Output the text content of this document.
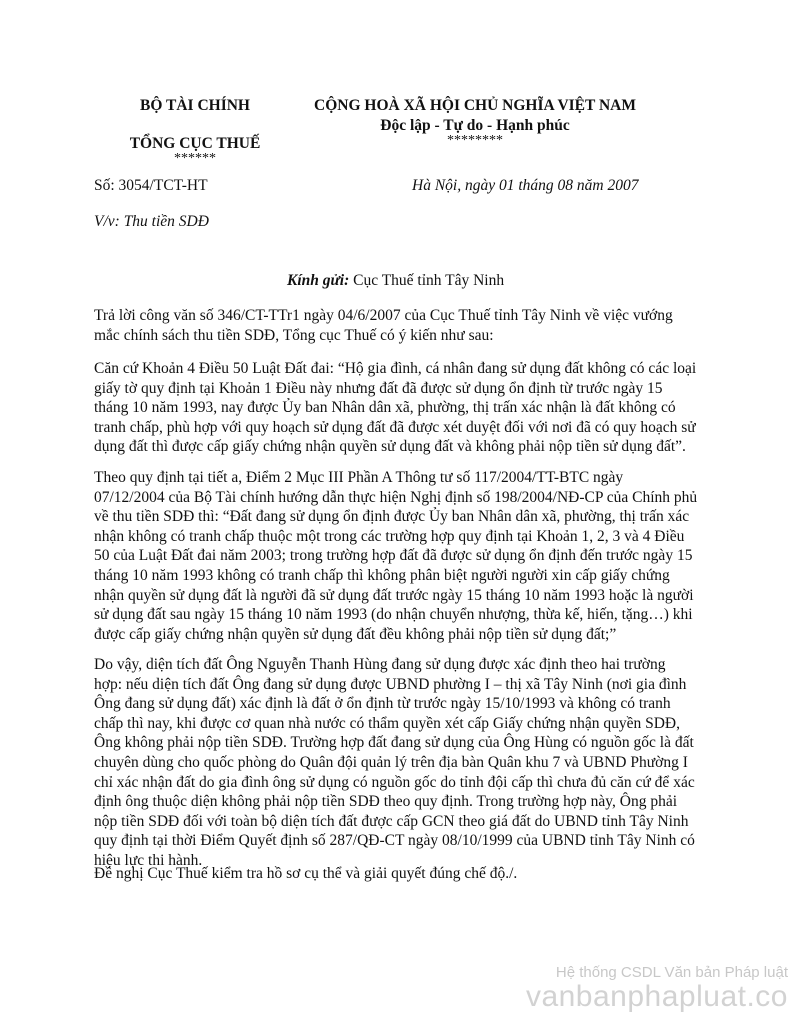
BỘ TÀI CHÍNH
TỔNG CỤC THUẾ
******
CỘNG HOÀ XÃ HỘI CHỦ NGHĨA VIỆT NAM
Độc lập - Tự do - Hạnh phúc
********
Số: 3054/TCT-HT	Hà Nội, ngày 01 tháng 08 năm 2007
V/v: Thu tiền SDĐ
Kính gửi: Cục Thuế tỉnh Tây Ninh
Trả lời công văn số 346/CT-TTr1 ngày 04/6/2007 của Cục Thuế tỉnh Tây Ninh về việc vướng
mắc chính sách thu tiền SDĐ, Tổng cục Thuế có ý kiến như sau:
Căn cứ Khoản 4 Điều 50 Luật Đất đai: “Hộ gia đình, cá nhân đang sử dụng đất không có các loại
giấy tờ quy định tại Khoản 1 Điều này nhưng đất đã được sử dụng ổn định từ trước ngày 15
tháng 10 năm 1993, nay được Ủy ban Nhân dân xã, phường, thị trấn xác nhận là đất không có
tranh chấp, phù hợp với quy hoạch sử dụng đất đã được xét duyệt đối với nơi đã có quy hoạch sử
dụng đất thì được cấp giấy chứng nhận quyền sử dụng đất và không phải nộp tiền sử dụng đất”.
Theo quy định tại tiết a, Điểm 2 Mục III Phần A Thông tư số 117/2004/TT-BTC ngày
07/12/2004 của Bộ Tài chính hướng dẫn thực hiện Nghị định số 198/2004/NĐ-CP của Chính phủ
về thu tiền SDĐ thì: “Đất đang sử dụng ổn định được Ủy ban Nhân dân xã, phường, thị trấn xác
nhận không có tranh chấp thuộc một trong các trường hợp quy định tại Khoản 1, 2, 3 và 4 Điều
50 của Luật Đất đai năm 2003; trong trường hợp đất đã được sử dụng ổn định đến trước ngày 15
tháng 10 năm 1993 không có tranh chấp thì không phân biệt người người xin cấp giấy chứng
nhận quyền sử dụng đất là người đã sử dụng đất trước ngày 15 tháng 10 năm 1993 hoặc là người
sử dụng đất sau ngày 15 tháng 10 năm 1993 (do nhận chuyển nhượng, thừa kế, hiến, tặng…) khi
được cấp giấy chứng nhận quyền sử dụng đất đều không phải nộp tiền sử dụng đất;”
Do vậy, diện tích đất Ông Nguyễn Thanh Hùng đang sử dụng được xác định theo hai trường
hợp: nếu diện tích đất Ông đang sử dụng được UBND phường I – thị xã Tây Ninh (nơi gia đình
Ông đang sử dụng đất) xác định là đất ở ổn định từ trước ngày 15/10/1993 và không có tranh
chấp thì nay, khi được cơ quan nhà nước có thẩm quyền xét cấp Giấy chứng nhận quyền SDĐ,
Ông không phải nộp tiền SDĐ. Trường hợp đất đang sử dụng của Ông Hùng có nguồn gốc là đất
chuyên dùng cho quốc phòng do Quân đội quản lý trên địa bàn Quân khu 7 và UBND Phường I
chỉ xác nhận đất do gia đình ông sử dụng có nguồn gốc do tỉnh đội cấp thì chưa đủ căn cứ để xác
định ông thuộc diện không phải nộp tiền SDĐ theo quy định. Trong trường hợp này, Ông phải
nộp tiền SDĐ đối với toàn bộ diện tích đất được cấp GCN theo giá đất do UBND tỉnh Tây Ninh
quy định tại thời Điểm Quyết định số 287/QĐ-CT ngày 08/10/1999 của UBND tỉnh Tây Ninh có
hiệu lực thi hành.
Đề nghị Cục Thuế kiểm tra hồ sơ cụ thể và giải quyết đúng chế độ./.
Hệ thống CSDL Văn bản Pháp luật
vanbanphapluat.co
